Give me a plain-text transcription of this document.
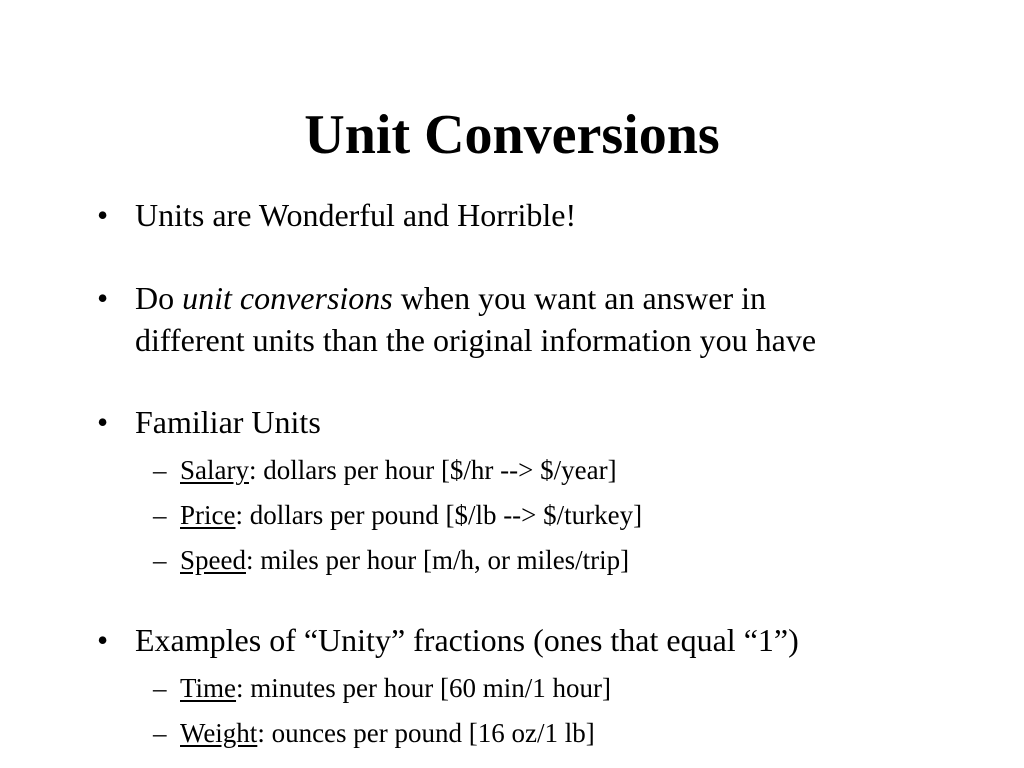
Unit Conversions
• Units are Wonderful and Horrible!
• Do unit conversions when you want an answer in
different units than the original information you have
• Familiar Units
– Salary: dollars per hour [$/hr --> $/year]
– Price: dollars per pound [$/lb --> $/turkey]
– Speed: miles per hour [m/h, or miles/trip]
• Examples of “Unity” fractions (ones that equal “1”)
– Time: minutes per hour [60 min/1 hour]
– Weight: ounces per pound [16 oz/1 lb]
